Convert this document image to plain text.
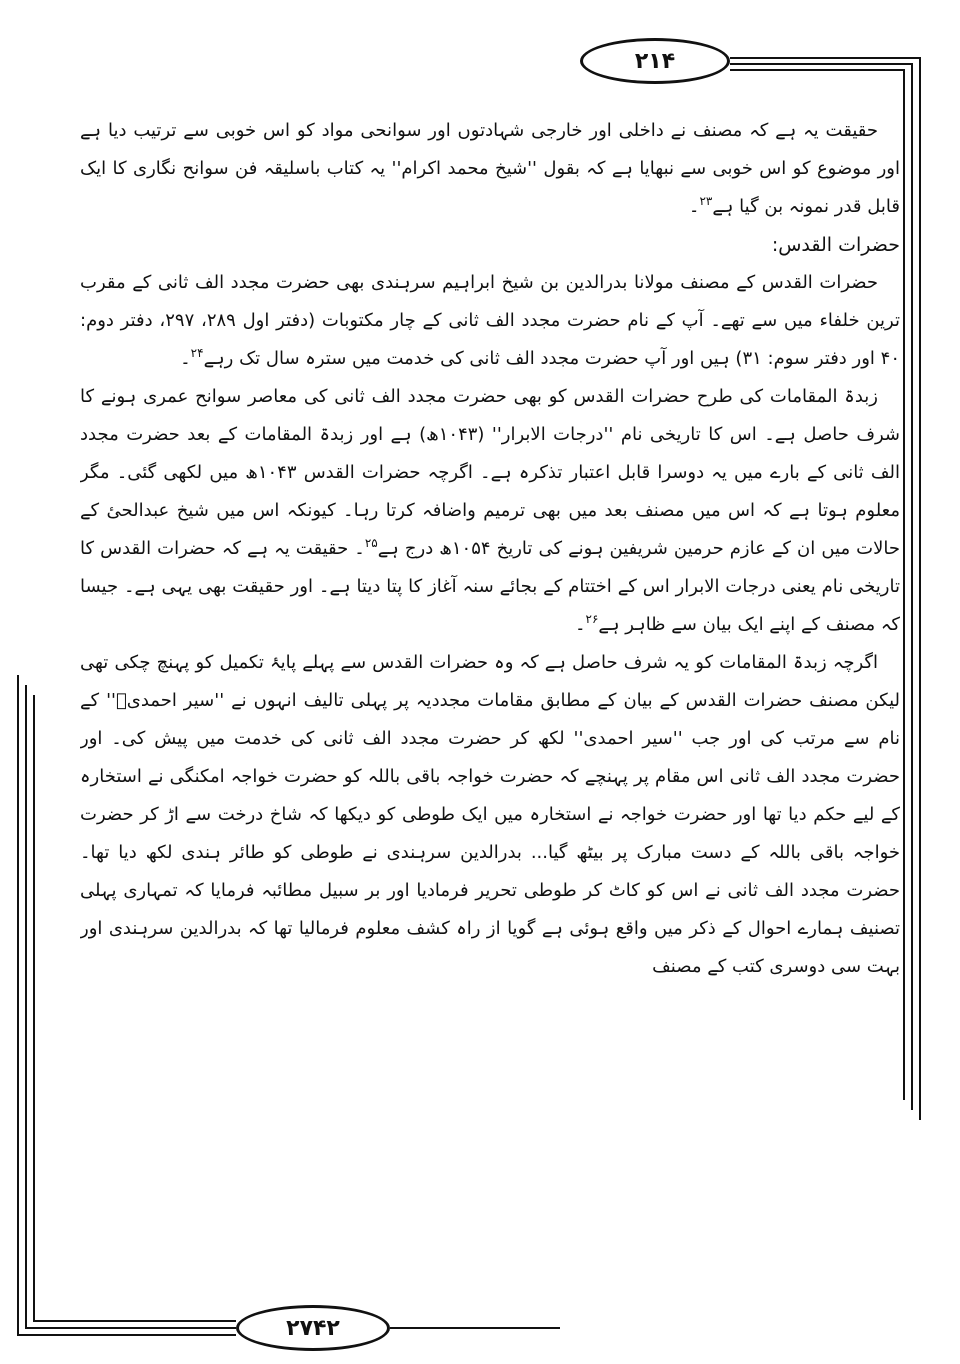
۲۱۴

حقیقت یہ ہے کہ مصنف نے داخلی اور خارجی شہادتوں اور سوانحی مواد کو اس خوبی سے ترتیب دیا ہے اور موضوع کو اس خوبی سے نبھایا ہے کہ بقول ''شیخ محمد اکرام'' یہ کتاب باسلیقہ فن سوانح نگاری کا ایک قابل قدر نمونہ بن گیا ہے$^{۲۳}$۔

حضرات القدس:

حضرات القدس کے مصنف مولانا بدرالدین بن شیخ ابراہیم سرہندی بھی حضرت مجدد الف ثانی کے مقرب ترین خلفاء میں سے تھے۔ آپ کے نام حضرت مجدد الف ثانی کے چار مکتوبات (دفتر اول ۲۸۹، ۲۹۷، دفتر دوم: ۴۰ اور دفتر سوم: ۳۱) ہیں اور آپ حضرت مجدد الف ثانی کی خدمت میں سترہ سال تک رہے$^{۲۴}$۔

زبدۃ المقامات کی طرح حضرات القدس کو بھی حضرت مجدد الف ثانی کی معاصر سوانح عمری ہونے کا شرف حاصل ہے۔ اس کا تاریخی نام ''درجات الابرار'' (۱۰۴۳ھ) ہے اور زبدۃ المقامات کے بعد حضرت مجدد الف ثانی کے بارے میں یہ دوسرا قابل اعتبار تذکرہ ہے۔ اگرچہ حضرات القدس ۱۰۴۳ھ میں لکھی گئی۔ مگر معلوم ہوتا ہے کہ اس میں مصنف بعد میں بھی ترمیم واضافہ کرتا رہا۔ کیونکہ اس میں شیخ عبدالحیٔ کے حالات میں ان کے عازم حرمین شریفین ہونے کی تاریخ ۱۰۵۴ھ درج ہے$^{۲۵}$۔ حقیقت یہ ہے کہ حضرات القدس کا تاریخی نام یعنی درجات الابرار اس کے اختتام کے بجائے سنہ آغاز کا پتا دیتا ہے۔ اور حقیقت بھی یہی ہے۔ جیسا کہ مصنف کے اپنے ایک بیان سے ظاہر ہے$^{۲۶}$۔

اگرچہ زبدۃ المقامات کو یہ شرف حاصل ہے کہ وہ حضرات القدس سے پہلے پایۂ تکمیل کو پہنچ چکی تھی لیکن مصنف حضرات القدس کے بیان کے مطابق مقامات مجددیہ پر پہلی تالیف انہوں نے ''سیر احمدیؒ'' کے نام سے مرتب کی اور جب ''سیر احمدی'' لکھ کر حضرت مجدد الف ثانی کی خدمت میں پیش کی۔ اور حضرت مجدد الف ثانی اس مقام پر پہنچے کہ حضرت خواجہ باقی باللہ کو حضرت خواجہ امکنگی نے استخارہ کے لیے حکم دیا تھا اور حضرت خواجہ نے استخارہ میں ایک طوطی کو دیکھا کہ شاخ درخت سے اڑ کر حضرت خواجہ باقی باللہ کے دست مبارک پر بیٹھ گیا... بدرالدین سرہندی نے طوطی کو طائر ہندی لکھ دیا تھا۔ حضرت مجدد الف ثانی نے اس کو کاٹ کر طوطی تحریر فرمادیا اور بر سبیل مطائبہ فرمایا کہ تمہاری پہلی تصنیف ہمارے احوال کے ذکر میں واقع ہوئی ہے گویا از راہ کشف معلوم فرمالیا تھا کہ بدرالدین سرہندی اور بہت سی دوسری کتب کے مصنف

۲۷۴۲
